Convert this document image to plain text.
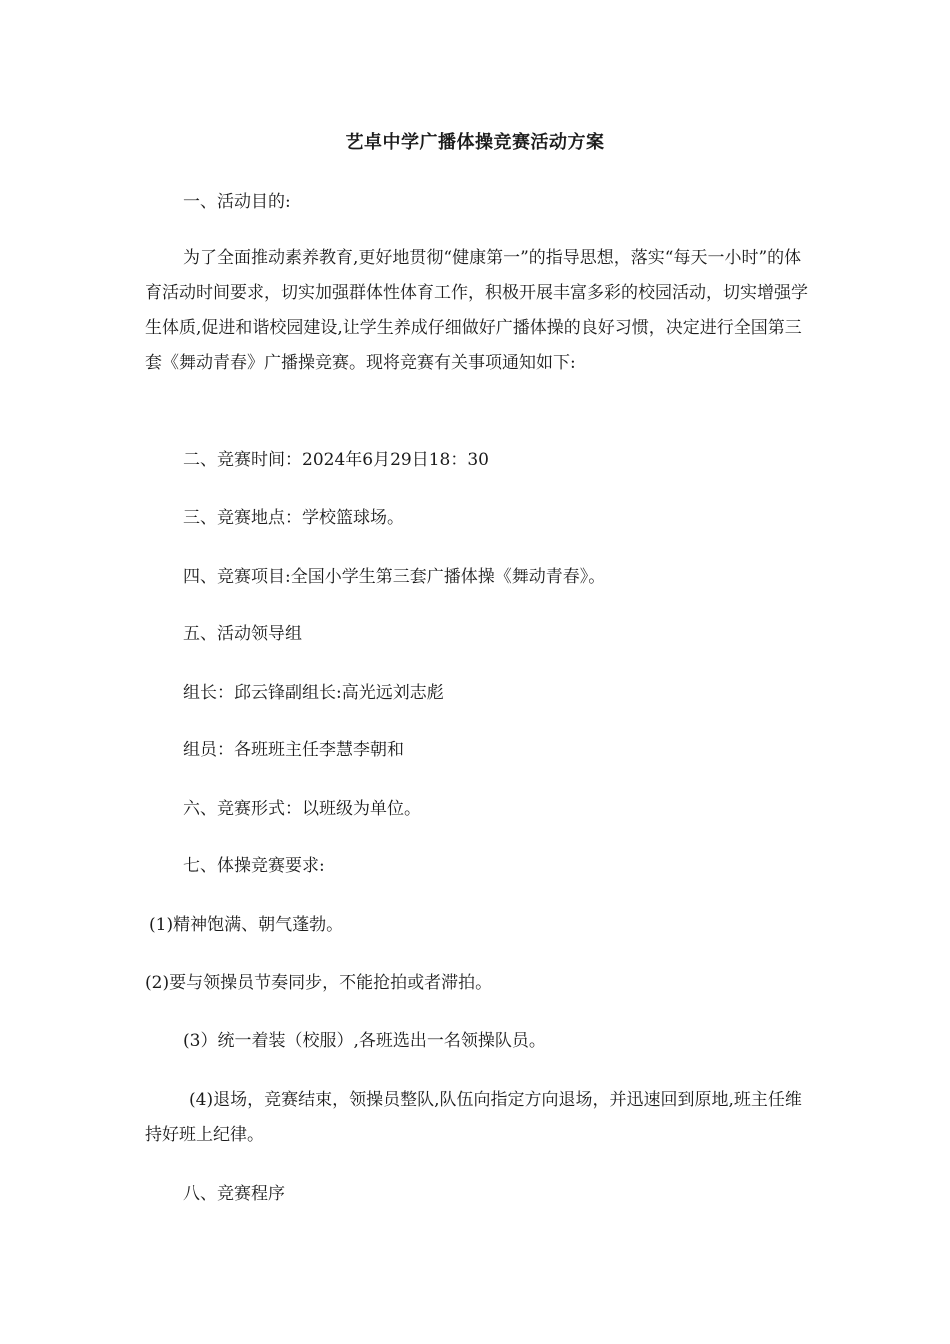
艺卓中学广播体操竞赛活动方案
一、活动目的:
为了全面推动素养教育,更好地贯彻“健康第一”的指导思想，落实“每天一小时”的体育活动时间要求，切实加强群体性体育工作，积极开展丰富多彩的校园活动，切实增强学生体质,促进和谐校园建设,让学生养成仔细做好广播体操的良好习惯，决定进行全国第三套《舞动青春》广播操竞赛。现将竞赛有关事项通知如下:
二、竞赛时间：2024年6月29日18：30
三、竞赛地点：学校篮球场。
四、竞赛项目:全国小学生第三套广播体操《舞动青春》。
五、活动领导组
组长：邱云锋副组长:高光远刘志彪
组员：各班班主任李慧李朝和
六、竞赛形式：以班级为单位。
七、体操竞赛要求:
(1)精神饱满、朝气蓬勃。
(2)要与领操员节奏同步，不能抢拍或者滞拍。
(3）统一着装（校服）,各班选出一名领操队员。
(4)退场，竞赛结束，领操员整队,队伍向指定方向退场，并迅速回到原地,班主任维持好班上纪律。
八、竞赛程序
